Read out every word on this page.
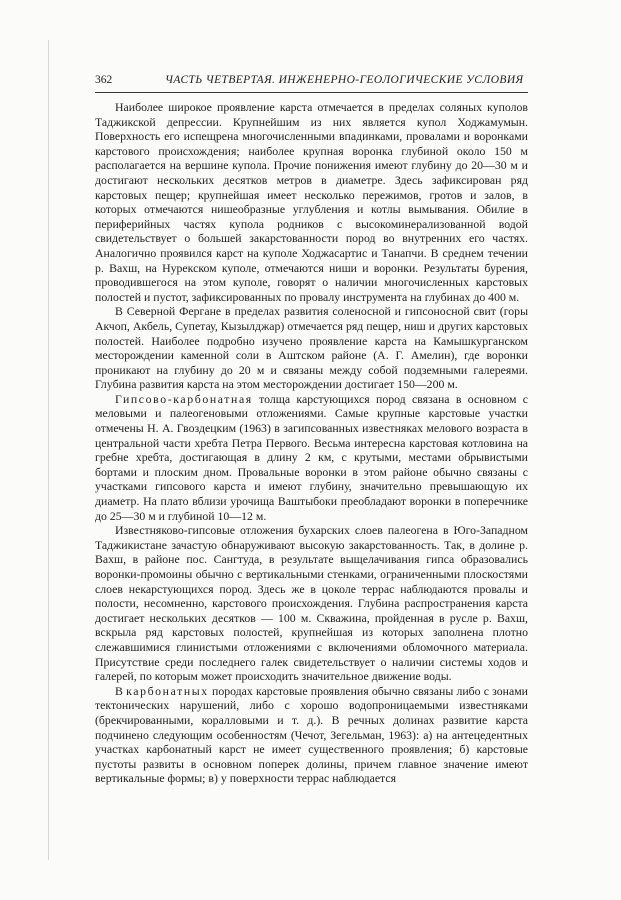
362	ЧАСТЬ ЧЕТВЕРТАЯ. ИНЖЕНЕРНО-ГЕОЛОГИЧЕСКИЕ УСЛОВИЯ

Наиболее широкое проявление карста отмечается в пределах соляных куполов Таджикской депрессии. Крупнейшим из них является купол Ходжамумын. Поверхность его испещрена многочисленными впадинками, провалами и воронками карстового происхождения; наиболее крупная воронка глубиной около 150 м располагается на вершине купола. Прочие понижения имеют глубину до 20—30 м и достигают нескольких десятков метров в диаметре. Здесь зафиксирован ряд карстовых пещер; крупнейшая имеет несколько пережимов, гротов и залов, в которых отмечаются нишеобразные углубления и котлы вымывания. Обилие в периферийных частях купола родников с высокоминерализованной водой свидетельствует о большей закарстованности пород во внутренних его частях. Аналогично проявился карст на куполе Ходжасартис и Танапчи. В среднем течении р. Вахш, на Нурекском куполе, отмечаются ниши и воронки. Результаты бурения, проводившегося на этом куполе, говорят о наличии многочисленных карстовых полостей и пустот, зафиксированных по провалу инструмента на глубинах до 400 м.

В Северной Фергане в пределах развития соленосной и гипсоносной свит (горы Акчоп, Акбель, Супетау, Кызылджар) отмечается ряд пещер, ниш и других карстовых полостей. Наиболее подробно изучено проявление карста на Камышкурганском месторождении каменной соли в Аштском районе (А. Г. Амелин), где воронки проникают на глубину до 20 м и связаны между собой подземными галереями. Глубина развития карста на этом месторождении достигает 150—200 м.

Гипсово-карбонатная толща карстующихся пород связана в основном с меловыми и палеогеновыми отложениями. Самые крупные карстовые участки отмечены Н. А. Гвоздецким (1963) в загипсованных известняках мелового возраста в центральной части хребта Петра Первого. Весьма интересна карстовая котловина на гребне хребта, достигающая в длину 2 км, с крутыми, местами обрывистыми бортами и плоским дном. Провальные воронки в этом районе обычно связаны с участками гипсового карста и имеют глубину, значительно превышающую их диаметр. На плато вблизи урочища Ваштыбоки преобладают воронки в поперечнике до 25—30 м и глубиной 10—12 м.

Известняково-гипсовые отложения бухарских слоев палеогена в Юго-Западном Таджикистане зачастую обнаруживают высокую закарстованность. Так, в долине р. Вахш, в районе пос. Сангтуда, в результате выщелачивания гипса образовались воронки-промоины обычно с вертикальными стенками, ограниченными плоскостями слоев некарстующихся пород. Здесь же в цоколе террас наблюдаются провалы и полости, несомненно, карстового происхождения. Глубина распространения карста достигает нескольких десятков — 100 м. Скважина, пройденная в русле р. Вахш, вскрыла ряд карстовых полостей, крупнейшая из которых заполнена плотно слежавшимися глинистыми отложениями с включениями обломочного материала. Присутствие среди последнего галек свидетельствует о наличии системы ходов и галерей, по которым может происходить значительное движение воды.

В карбонатных породах карстовые проявления обычно связаны либо с зонами тектонических нарушений, либо с хорошо водопроницаемыми известняками (брекчированными, коралловыми и т. д.). В речных долинах развитие карста подчинено следующим особенностям (Чечот, Зегельман, 1963): а) на антецедентных участках карбонатный карст не имеет существенного проявления; б) карстовые пустоты развиты в основном поперек долины, причем главное значение имеют вертикальные формы; в) у поверхности террас наблюдается
